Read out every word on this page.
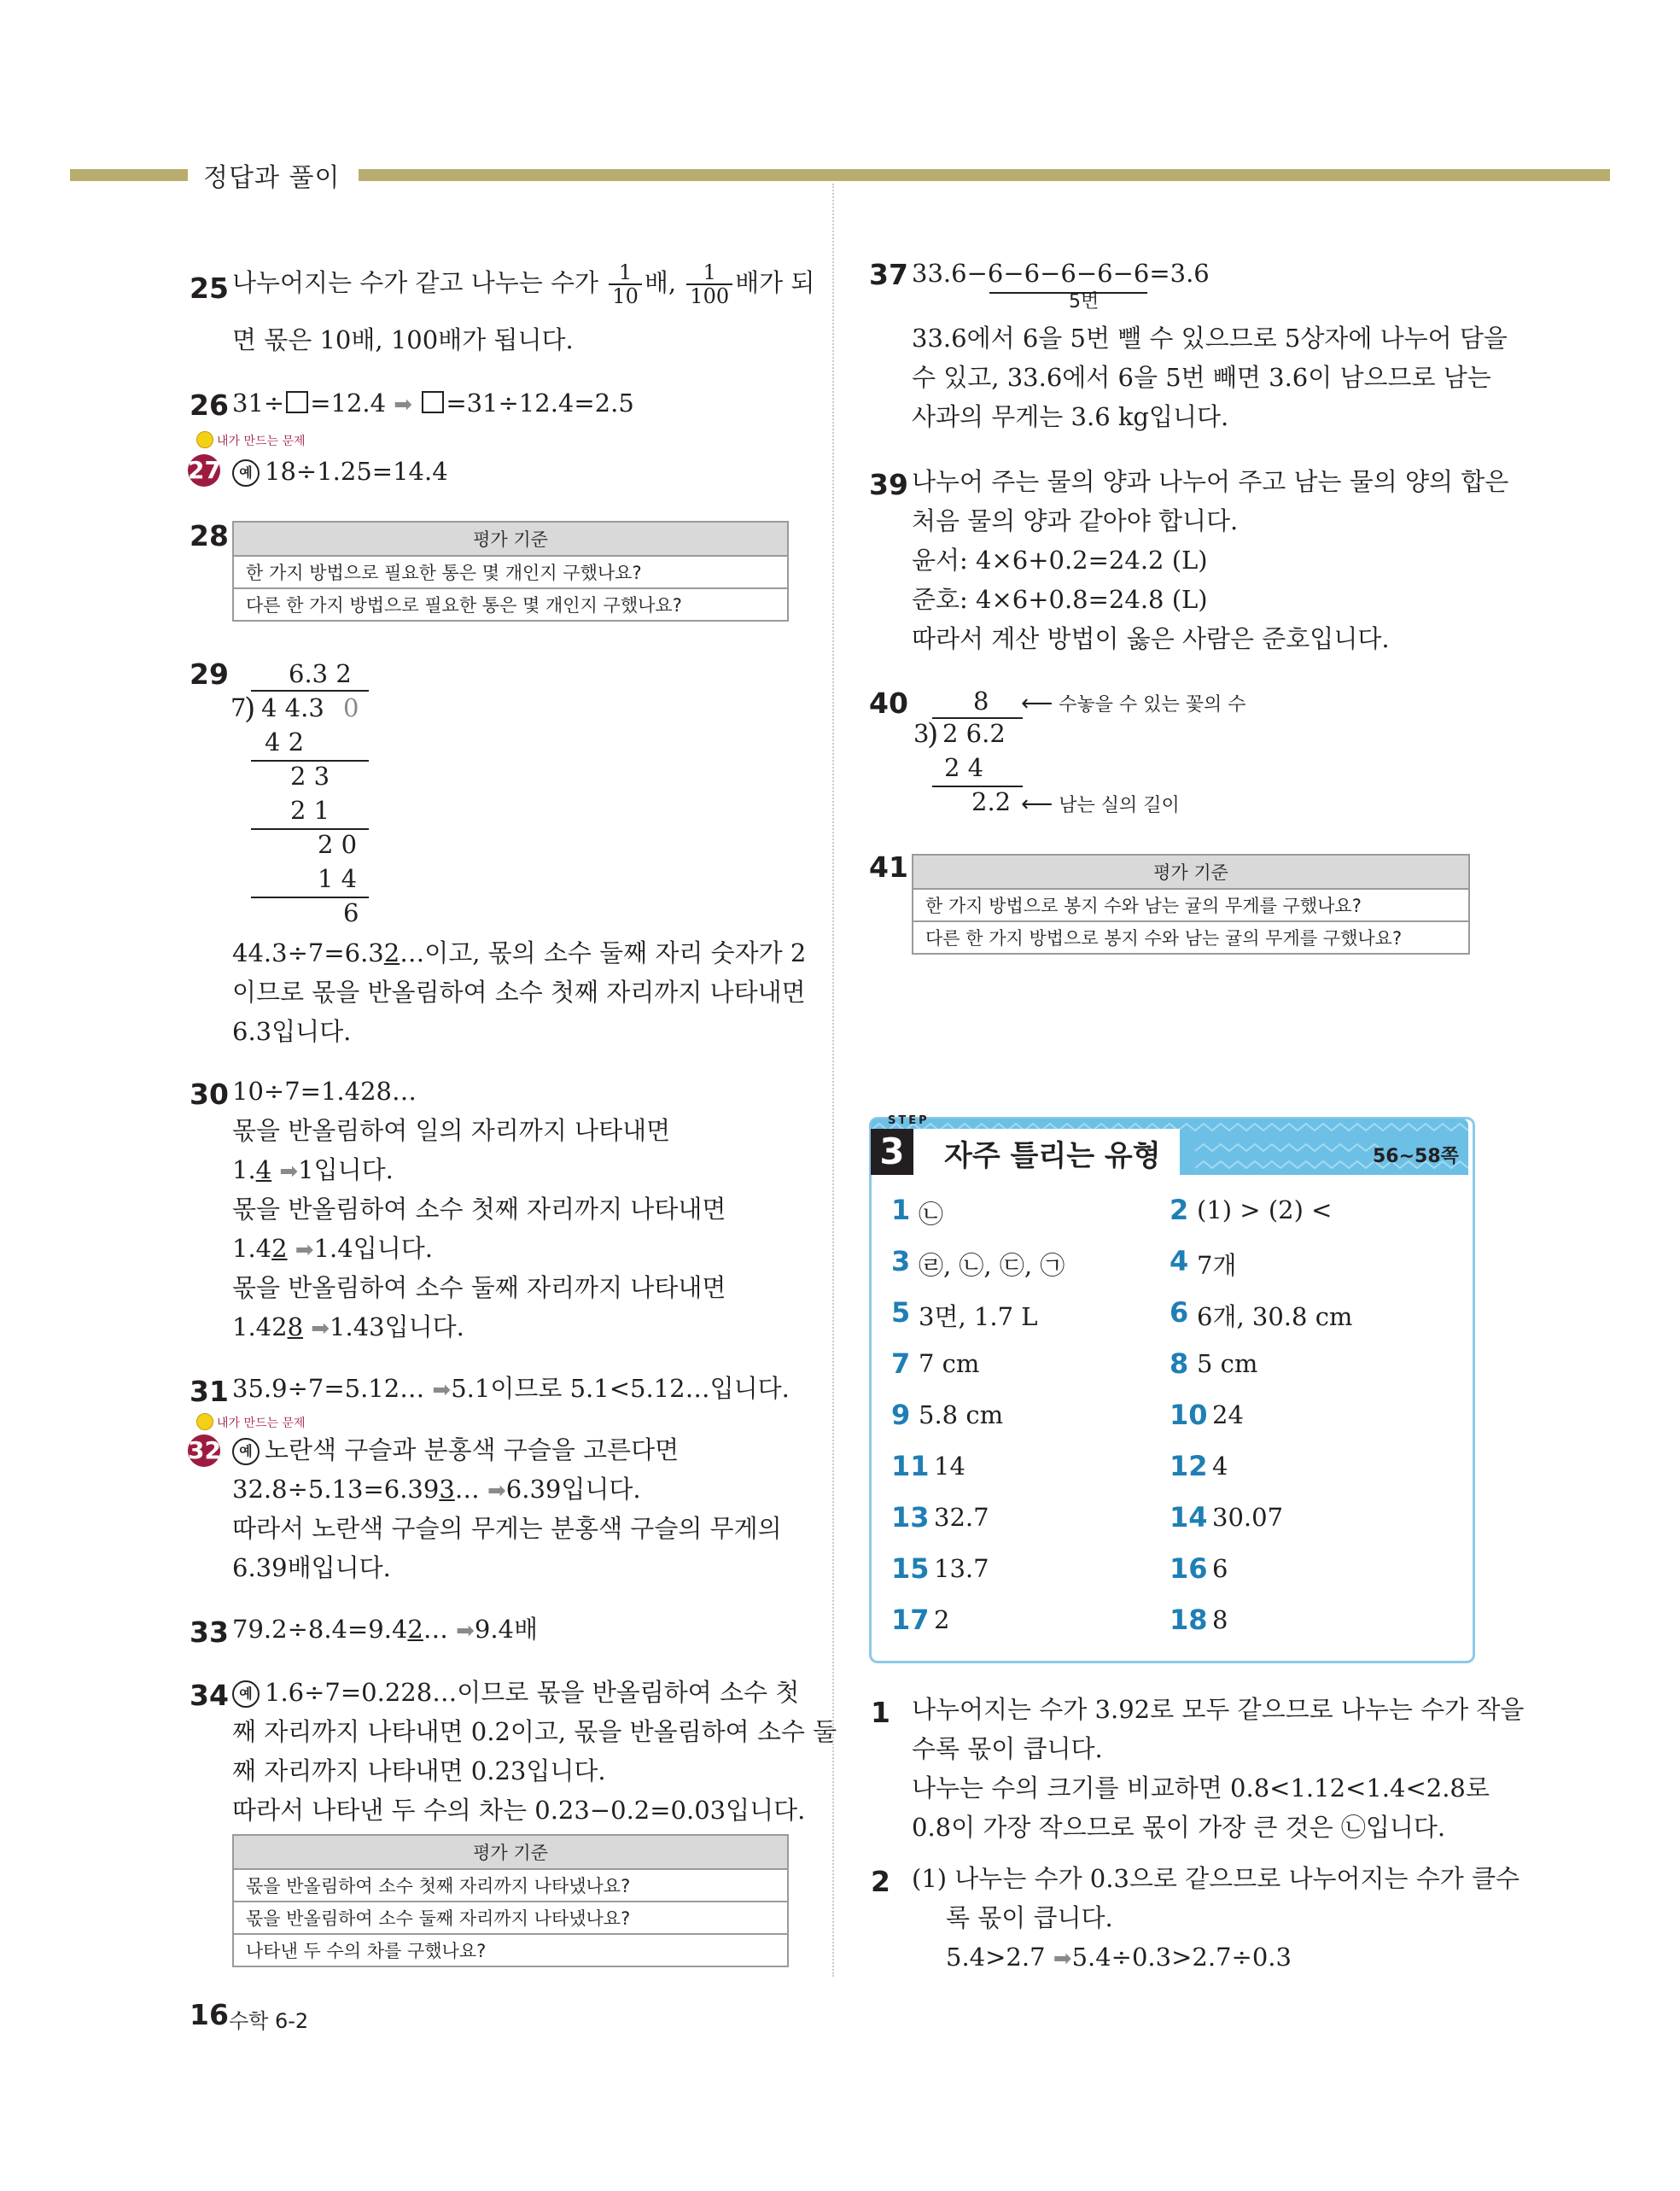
정답과 풀이
25 나누어지는 수가 같고 나누는 수가 $\frac{1}{10}$ 배, $\frac{1}{100}$ 배가 되
면 몫은 10배, 100배가 됩니다.
26 31÷ =12.4 ➡ =31÷12.4=2.5
내가 만드는 문제
27	예 18÷1.25=14.4
28	평가 기준
한 가지 방법으로 필요한 통은 몇 개인지 구했나요?
다른 한 가지 방법으로 필요한 통은 몇 개인지 구했나요?
29 6.3 2
7
) 4 4.3 0
4 2
2 3
2 1
2 0
1 4
6
44.3÷7=6.32…이고, 몫의 소수 둘째 자리 숫자가 2
이므로 몫을 반올림하여 소수 첫째 자리까지 나타내면
6.3입니다.
30 10÷7=1.428…
몫을 반올림하여 일의 자리까지 나타내면
1.4 ➡1입니다.
몫을 반올림하여 소수 첫째 자리까지 나타내면
1.42 ➡1.4입니다.
몫을 반올림하여 소수 둘째 자리까지 나타내면
1.428 ➡1.43입니다.
31 35.9÷7=5.12… ➡5.1이므로 5.1<5.12…입니다.
내가 만드는 문제
32	예 노란색 구슬과 분홍색 구슬을 고른다면
32.8÷5.13=6.393… ➡6.39입니다.
따라서 노란색 구슬의 무게는 분홍색 구슬의 무게의
6.39배입니다.
33 79.2÷8.4=9.42… ➡9.4배
34 예 1.6÷7=0.228…이므로 몫을 반올림하여 소수 첫
째 자리까지 나타내면 0.2이고, 몫을 반올림하여 소수 둘
째 자리까지 나타내면 0.23입니다.
따라서 나타낸 두 수의 차는 0.23−0.2=0.03입니다.
평가 기준
몫을 반올림하여 소수 첫째 자리까지 나타냈나요?
몫을 반올림하여 소수 둘째 자리까지 나타냈나요?
나타낸 두 수의 차를 구했나요?
37 33.6−6−6−6−6−6
=3.6
5번
33.6에서 6을 5번 뺄 수 있으므로 5상자에 나누어 담을
수 있고, 33.6에서 6을 5번 빼면 3.6이 남으므로 남는
사과의 무게는 3.6 kg입니다.
39 나누어 주는 물의 양과 나누어 주고 남는 물의 양의 합은
처음 물의 양과 같아야 합니다.
윤서: 4×6+0.2=24.2 (L)
준호: 4×6+0.8=24.8 (L)
따라서 계산 방법이 옳은 사람은 준호입니다.
40	8 ⟵ 수놓을 수 있는 꽃의 수
3
) 2 6.2
2 4
2.2 ⟵ 남는 실의 길이
41	평가 기준
한 가지 방법으로 봉지 수와 남는 귤의 무게를 구했나요?
다른 한 가지 방법으로 봉지 수와 남는 귤의 무게를 구했나요?
3
STEP
자주 틀리는 유형	56~58쪽
1 ㉡	2 (1) > (2) <
3 ㉣, ㉡, ㉢, ㉠	4 7개
5 3면, 1.7 L	6 6개, 30.8 cm
7 7 cm	8 5 cm
9 5.8 cm	10 24
11 14	12 4
13 32.7	14 30.07
15 13.7	16 6
17 2	18 8
1 나누어지는 수가 3.92로 모두 같으므로 나누는 수가 작을
수록 몫이 큽니다.
나누는 수의 크기를 비교하면 0.8<1.12<1.4<2.8로
0.8이 가장 작으므로 몫이 가장 큰 것은 ㉡입니다.
2 (1) 나누는 수가 0.3으로 같으므로 나누어지는 수가 클수
록 몫이 큽니다.
5.4>2.7 ➡5.4÷0.3>2.7÷0.3
16 수학 6-2
